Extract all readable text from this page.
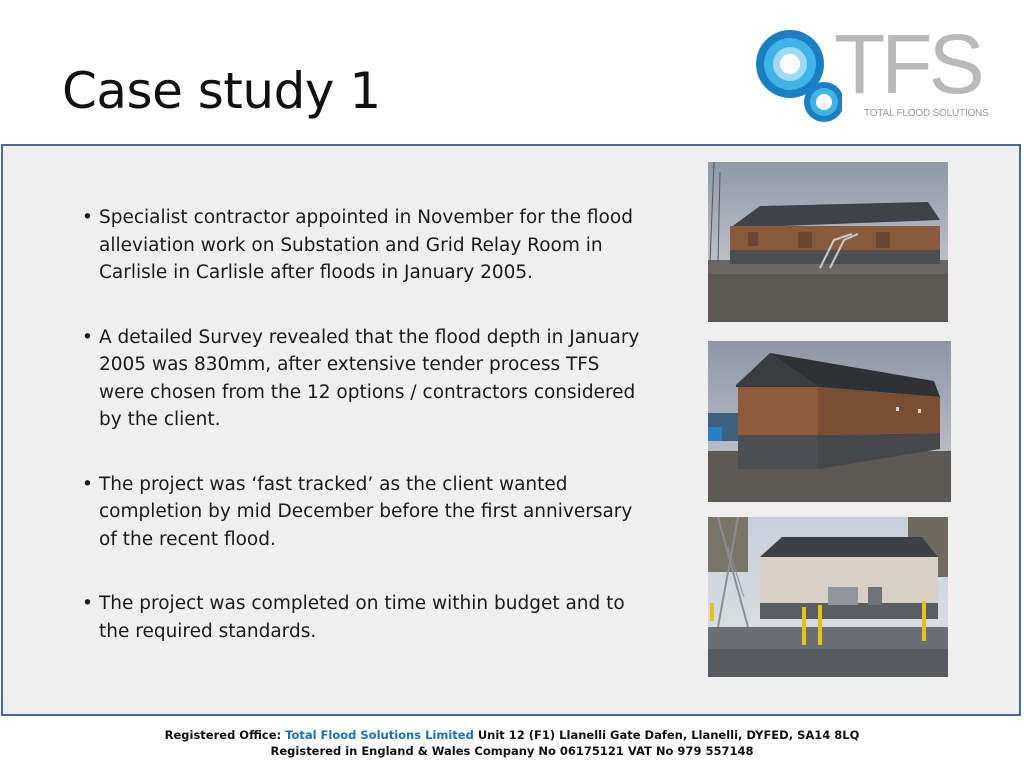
Case study 1	TFS
TOTAL FLOOD SOLUTIONS
• Specialist contractor appointed in November for the flood alleviation work on Substation and Grid Relay Room in Carlisle in Carlisle after floods in January 2005.
• A detailed Survey revealed that the flood depth in January 2005 was 830mm, after extensive tender process TFS were chosen from the 12 options / contractors considered by the client.
• The project was ‘fast tracked’ as the client wanted completion by mid December before the first anniversary of the recent flood.
• The project was completed on time within budget and to the required standards.
Registered Office: Total Flood Solutions Limited Unit 12 (F1) Llanelli Gate Dafen, Llanelli, DYFED, SA14 8LQ
Registered in England & Wales Company No 06175121 VAT No 979 557148
